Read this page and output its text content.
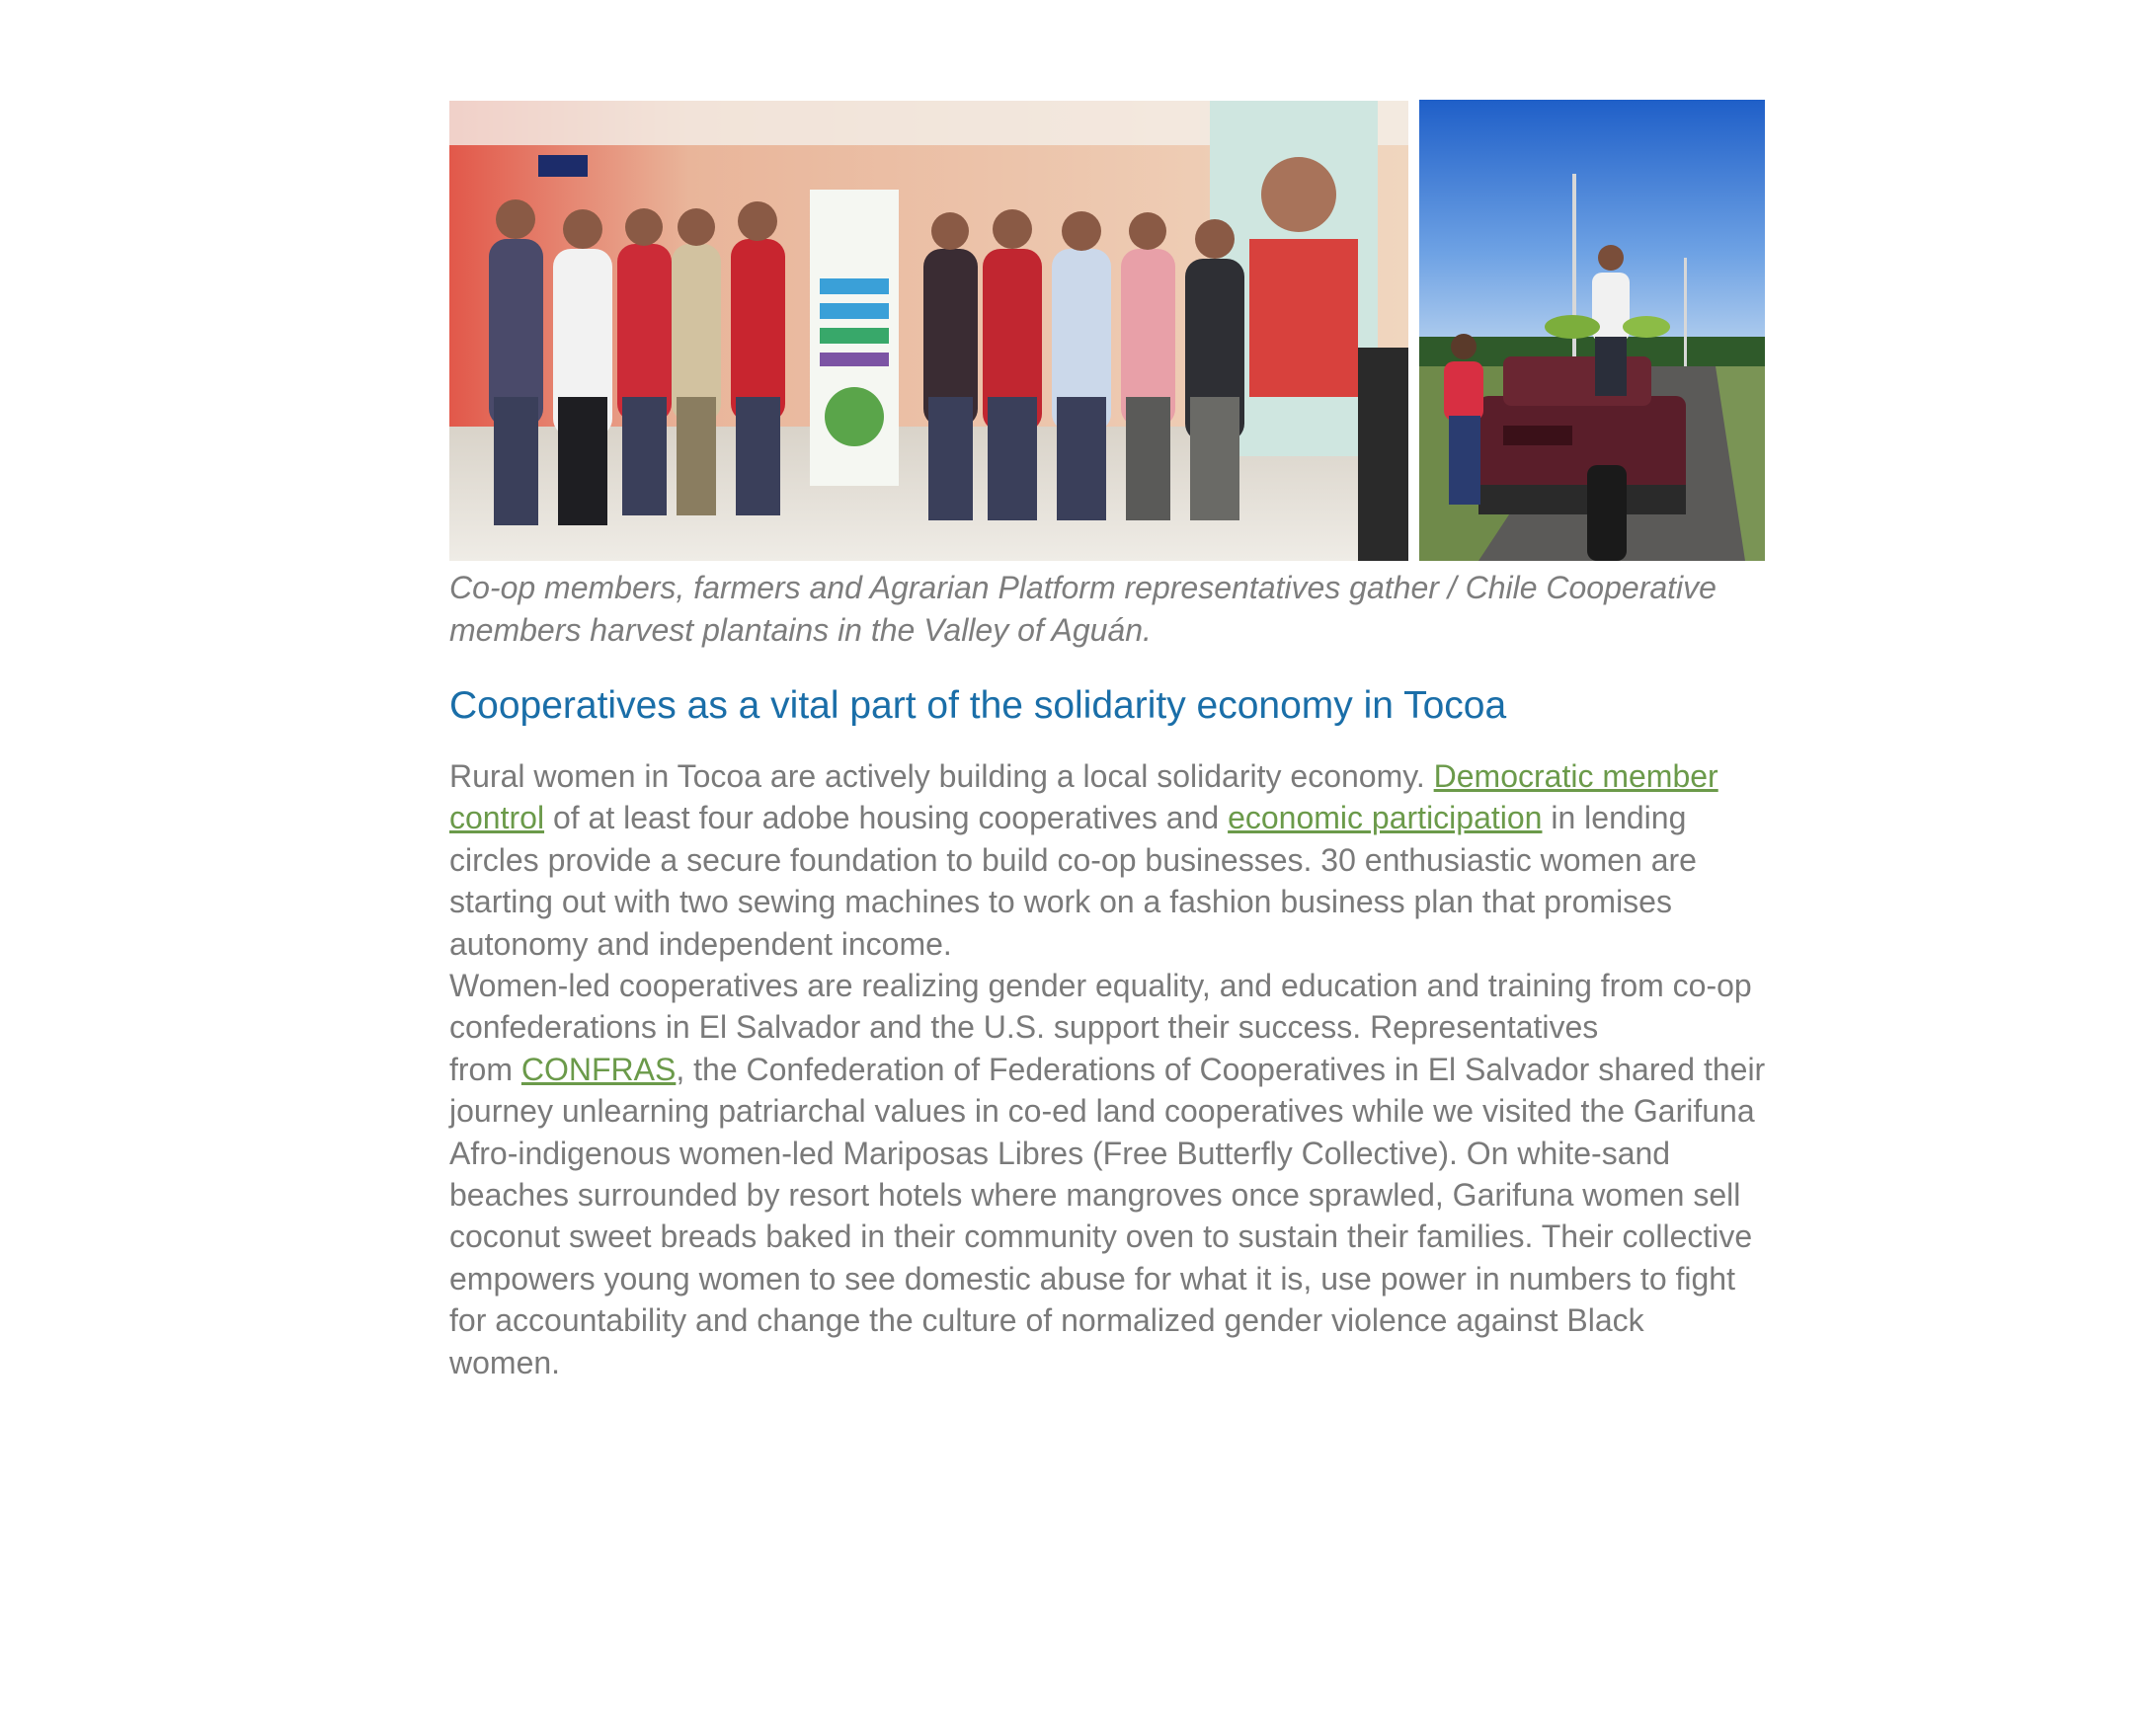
Co-op members, farmers and Agrarian Platform representatives gather / Chile Cooperative
members harvest plantains in the Valley of Aguán.

Cooperatives as a vital part of the solidarity economy in Tocoa

Rural women in Tocoa are actively building a local solidarity economy. Democratic member
control of at least four adobe housing cooperatives and economic participation in lending
circles provide a secure foundation to build co-op businesses. 30 enthusiastic women are
starting out with two sewing machines to work on a fashion business plan that promises
autonomy and independent income.

Women-led cooperatives are realizing gender equality, and education and training from co-op
confederations in El Salvador and the U.S. support their success. Representatives
from CONFRAS, the Confederation of Federations of Cooperatives in El Salvador shared their
journey unlearning patriarchal values in co-ed land cooperatives while we visited the Garifuna
Afro-indigenous women-led Mariposas Libres (Free Butterfly Collective). On white-sand
beaches surrounded by resort hotels where mangroves once sprawled, Garifuna women sell
coconut sweet breads baked in their community oven to sustain their families. Their collective
empowers young women to see domestic abuse for what it is, use power in numbers to fight
for accountability and change the culture of normalized gender violence against Black
women.
